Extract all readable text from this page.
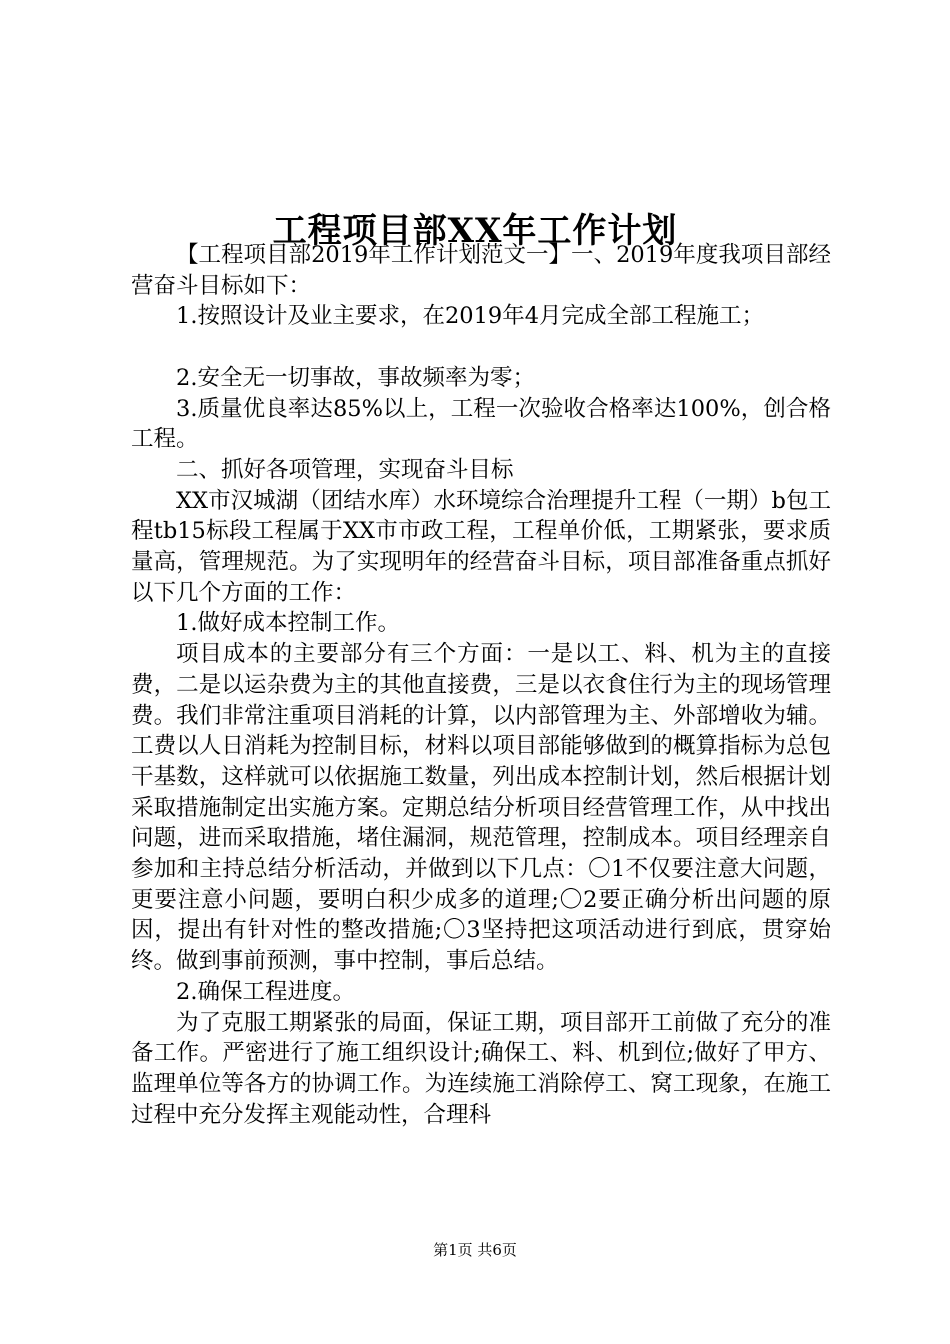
工程项目部XX年工作计划

【工程项目部2019年工作计划范文一】一、2019年度我项目部经营奋斗目标如下：

1.按照设计及业主要求，在2019年4月完成全部工程施工；

2.安全无一切事故，事故频率为零；

3.质量优良率达85%以上，工程一次验收合格率达100%，创合格工程。

二、抓好各项管理，实现奋斗目标

XX市汉城湖（团结水库）水环境综合治理提升工程（一期）b包工程tb15标段工程属于XX市市政工程，工程单价低，工期紧张，要求质量高，管理规范。为了实现明年的经营奋斗目标，项目部准备重点抓好以下几个方面的工作：

1.做好成本控制工作。

项目成本的主要部分有三个方面：一是以工、料、机为主的直接费，二是以运杂费为主的其他直接费，三是以衣食住行为主的现场管理费。我们非常注重项目消耗的计算，以内部管理为主、外部增收为辅。工费以人日消耗为控制目标，材料以项目部能够做到的概算指标为总包干基数，这样就可以依据施工数量，列出成本控制计划，然后根据计划采取措施制定出实施方案。定期总结分析项目经营管理工作，从中找出问题，进而采取措施，堵住漏洞，规范管理，控制成本。项目经理亲自参加和主持总结分析活动，并做到以下几点：〇1不仅要注意大问题，更要注意小问题，要明白积少成多的道理;〇2要正确分析出问题的原因，提出有针对性的整改措施;〇3坚持把这项活动进行到底，贯穿始终。做到事前预测，事中控制，事后总结。

2.确保工程进度。

为了克服工期紧张的局面，保证工期，项目部开工前做了充分的准备工作。严密进行了施工组织设计;确保工、料、机到位;做好了甲方、监理单位等各方的协调工作。为连续施工消除停工、窝工现象，在施工过程中充分发挥主观能动性，合理科

第1页 共6页
